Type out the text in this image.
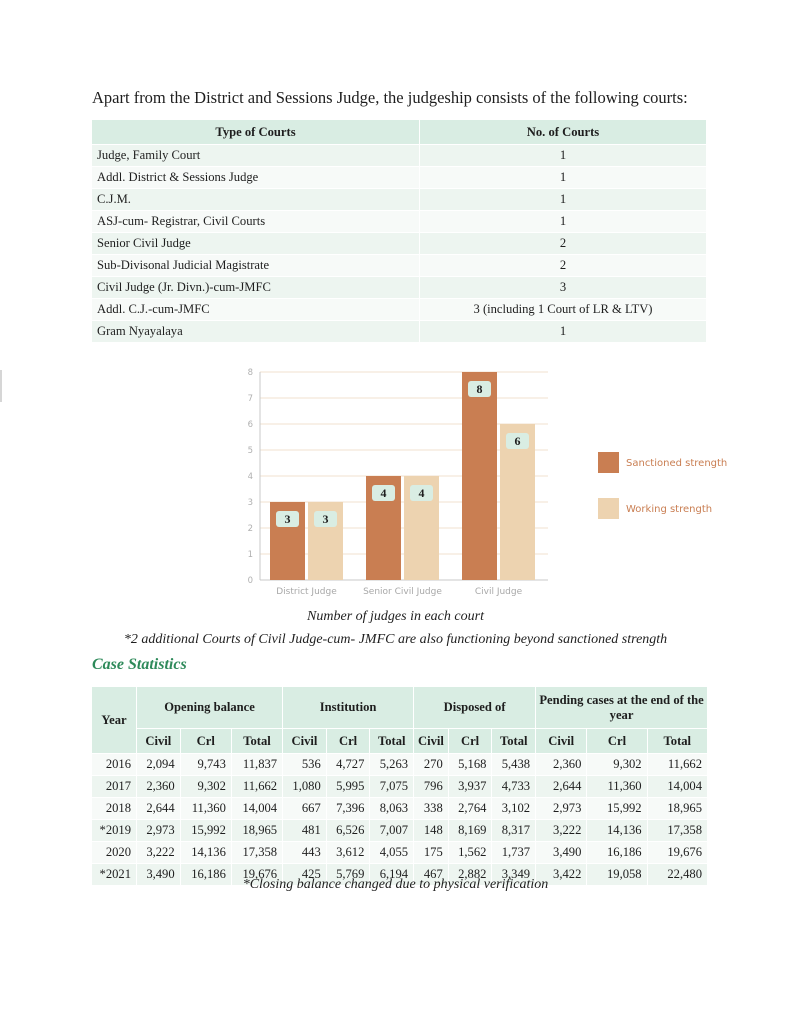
Apart from the District and Sessions Judge, the judgeship consists of the following courts:

Type of Courts	No. of Courts
Judge, Family Court	1
Addl. District & Sessions Judge	1
C.J.M.	1
ASJ-cum- Registrar, Civil Courts	1
Senior Civil Judge	2
Sub-Divisonal Judicial Magistrate	2
Civil Judge (Jr. Divn.)-cum-JMFC	3
Addl. C.J.-cum-JMFC	3 (including 1 Court of LR & LTV)
Gram Nyayalaya	1
0
1
2
3
4
5
6
7
8
3	3
4	4
8
6
District Judge	Senior Civil Judge	Civil Judge
Sanctioned strength
Working strength

Number of judges in each court

*2 additional Courts of Civil Judge-cum- JMFC are also functioning beyond sanctioned strength

Case Statistics
Year	Opening balance			Institution			Disposed of			Pending cases at the end of the year		
	Civil	Crl	Total	Civil	Crl	Total	Civil	Crl	Total	Civil	Crl	Total
2016	2,094	9,743	11,837	536	4,727	5,263	270	5,168	5,438	2,360	9,302	11,662
2017	2,360	9,302	11,662	1,080	5,995	7,075	796	3,937	4,733	2,644	11,360	14,004
2018	2,644	11,360	14,004	667	7,396	8,063	338	2,764	3,102	2,973	15,992	18,965
*2019	2,973	15,992	18,965	481	6,526	7,007	148	8,169	8,317	3,222	14,136	17,358
2020	3,222	14,136	17,358	443	3,612	4,055	175	1,562	1,737	3,490	16,186	19,676
*2021	3,490	16,186	19,676	425	5,769	6,194	467	2,882	3,349	3,422	19,058	22,480

*Closing balance changed due to physical verification
